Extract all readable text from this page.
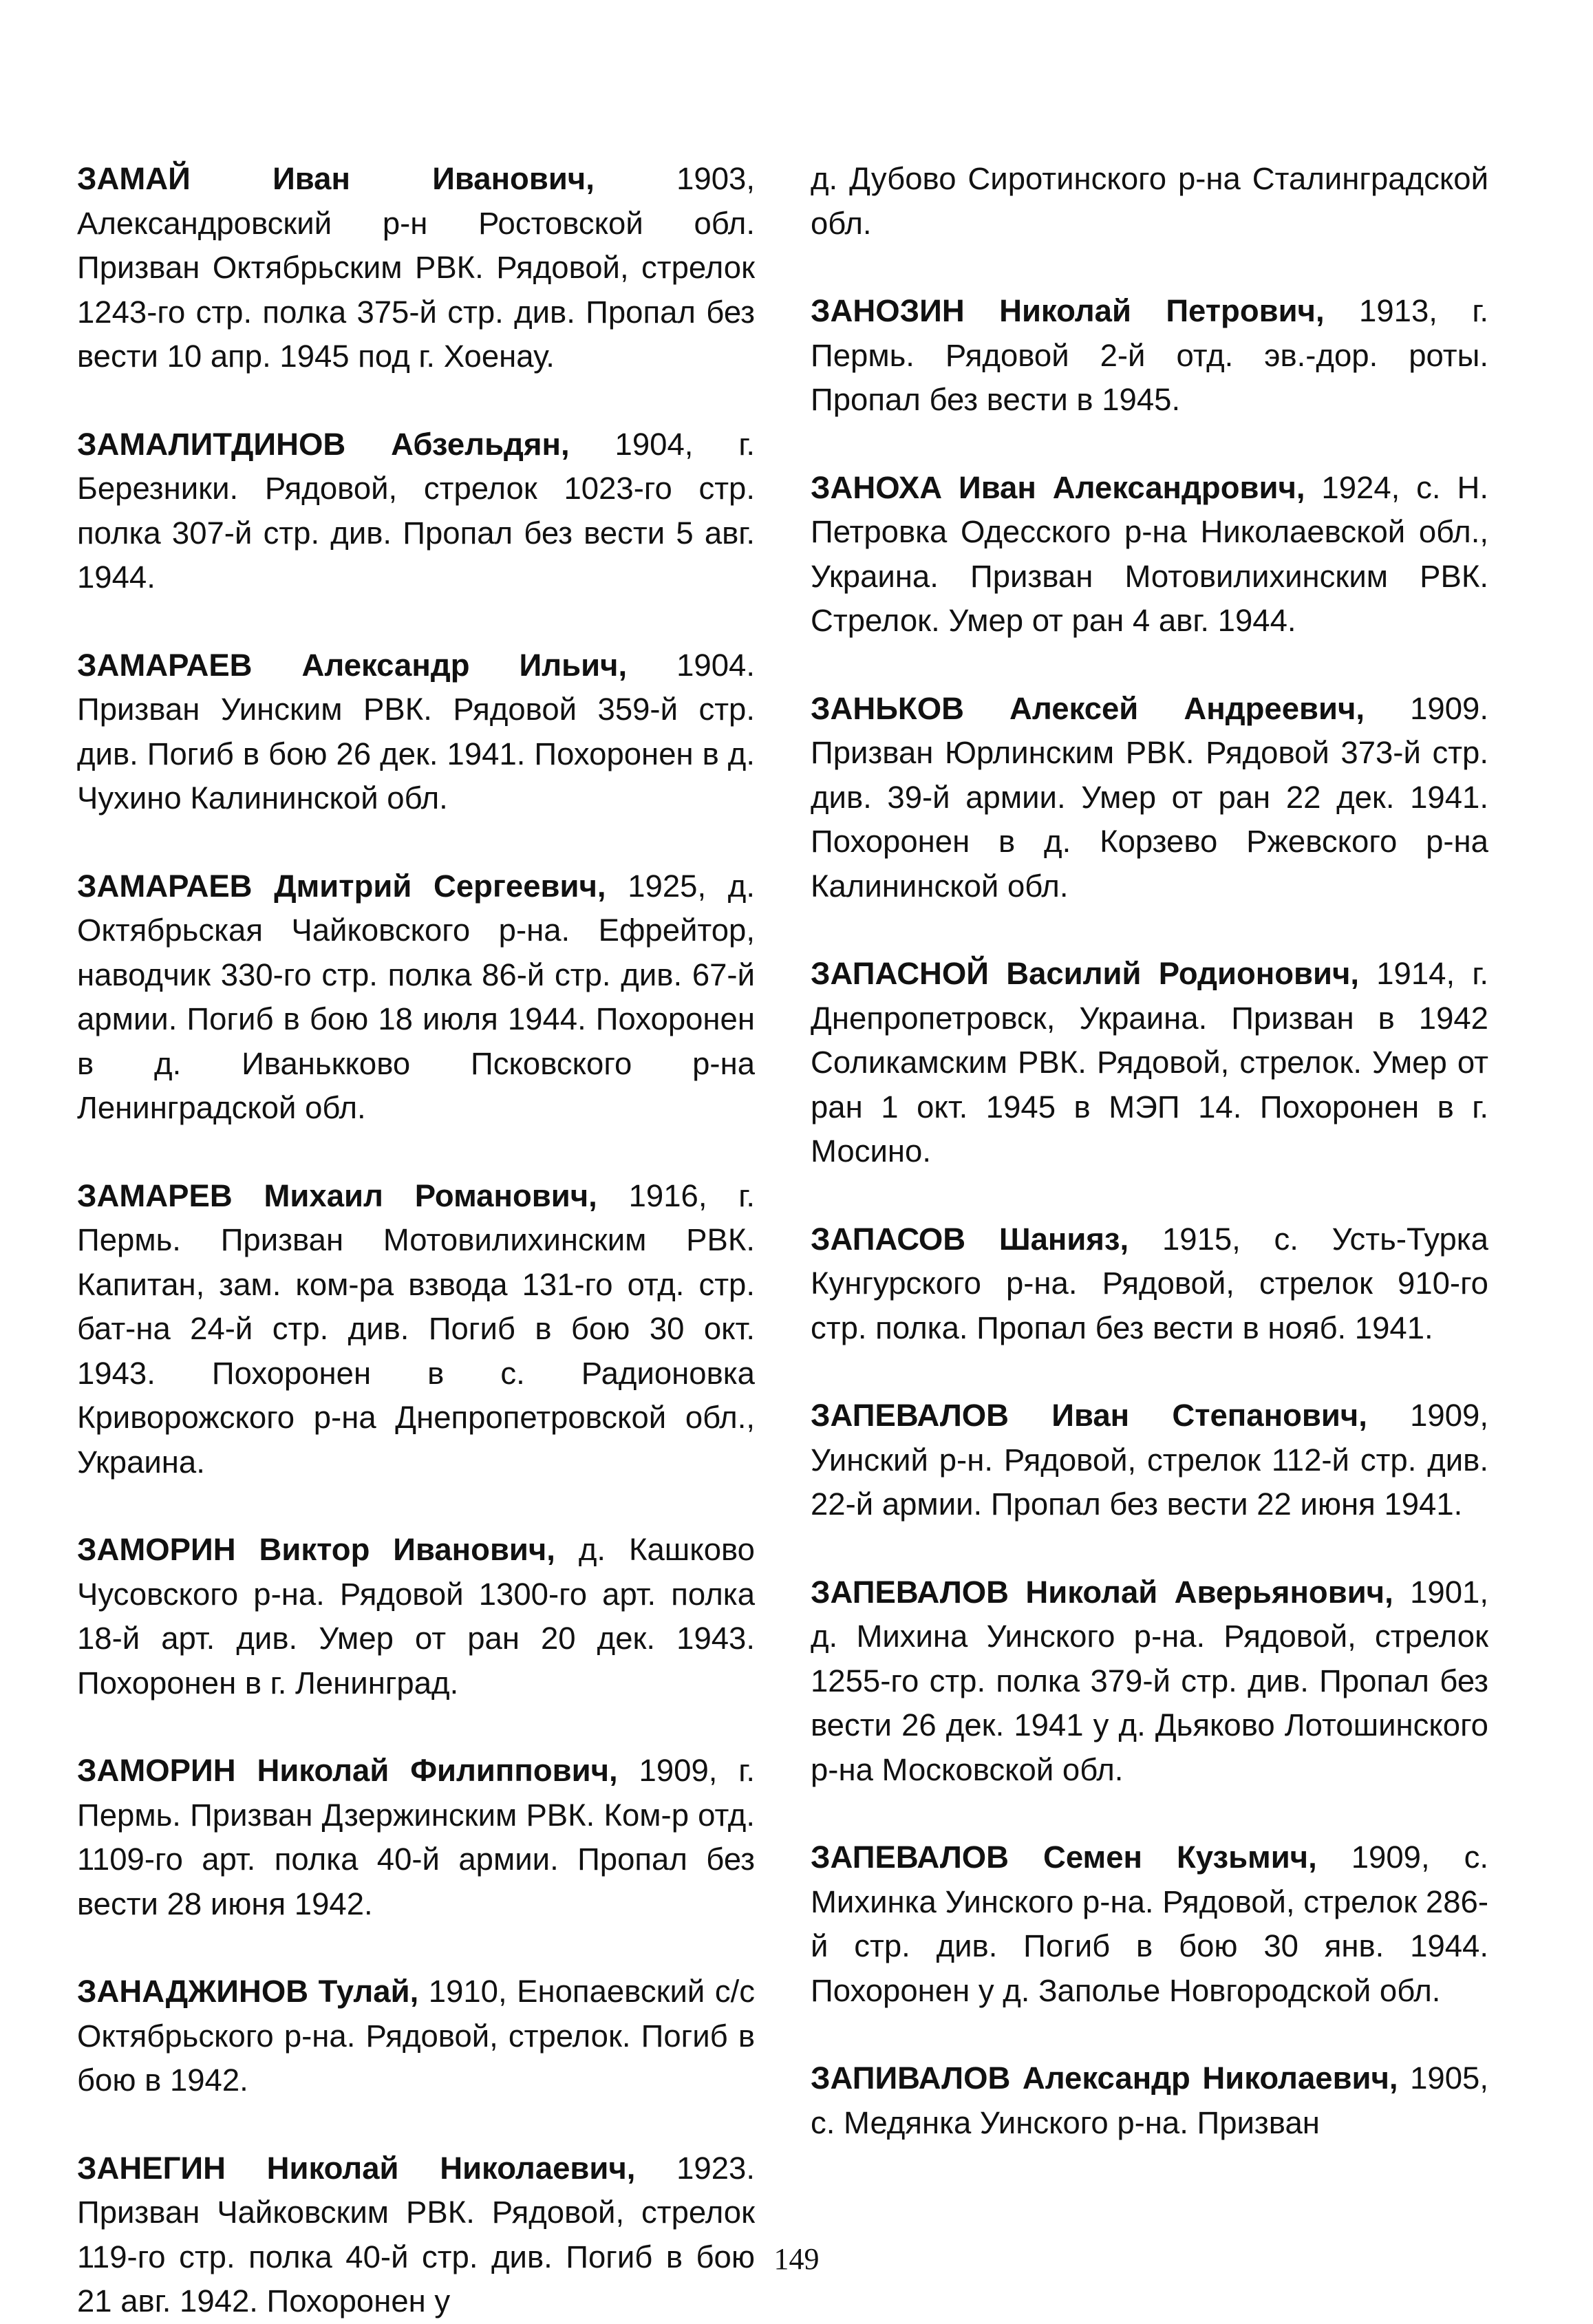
ЗАМАЙ Иван Иванович,	1903, Александровский р-н Ростовской обл. Призван Октябрьским РВК. Рядовой, стрелок 1243-го стр. полка 375-й стр. див. Пропал без вести 10 апр. 1945 под г. Хоенау.

ЗАМАЛИТДИНОВ Абзельдян, 1904, г. Березники. Рядовой, стрелок 1023-го стр. полка 307-й стр. див. Пропал без вести 5 авг. 1944.

ЗАМАРАЕВ Александр Ильич, 1904. Призван Уинским РВК. Рядовой 359-й стр. див. Погиб в бою 26 дек. 1941. Похоронен в д. Чухино Калининской обл.

ЗАМАРАЕВ Дмитрий Сергеевич, 1925, д. Октябрьская Чайковского р-на. Ефрейтор, наводчик 330-го стр. полка 86-й стр. див. 67-й армии. Погиб в бою 18 июля 1944. Похоронен в д. Иванькково Псковского р-на Ленинградской обл.

ЗАМАРЕВ Михаил Романович, 1916, г. Пермь. Призван Мотовилихинским РВК. Капитан, зам. ком-ра взвода 131-го отд. стр. бат-на 24-й стр. див. Погиб в бою 30 окт. 1943. Похоронен в с. Радионовка Криворожского р-на Днепропетровской обл., Украина.

ЗАМОРИН Виктор Иванович, д. Кашково Чусовского р-на. Рядовой 1300-го арт. полка 18-й арт. див. Умер от ран 20 дек. 1943. Похоронен в г. Ленинград.

ЗАМОРИН Николай Филиппович, 1909, г. Пермь. Призван Дзержинским РВК. Ком-р отд. 1109-го арт. полка 40-й армии. Пропал без вести 28 июня 1942.

ЗАНАДЖИНОВ Тулай, 1910, Енопаевский с/с Октябрьского р-на. Рядовой, стрелок. Погиб в бою в 1942.

ЗАНЕГИН Николай Николаевич, 1923. Призван Чайковским РВК. Рядовой, стрелок 119-го стр. полка 40-й стр. див. Погиб в бою 21 авг. 1942. Похоронен у

д. Дубово Сиротинского р-на Сталинградской обл.

ЗАНОЗИН Николай Петрович, 1913, г. Пермь. Рядовой 2-й отд. эв.-дор. роты. Пропал без вести в 1945.

ЗАНОХА Иван Александрович, 1924, с. Н. Петровка Одесского р-на Николаевской обл., Украина. Призван Мотовилихинским РВК. Стрелок. Умер от ран 4 авг. 1944.

ЗАНЬКОВ Алексей Андреевич, 1909. Призван Юрлинским РВК. Рядовой 373-й стр. див. 39-й армии. Умер от ран 22 дек. 1941. Похоронен в д. Корзево Ржевского р-на Калининской обл.

ЗАПАСНОЙ Василий Родионович, 1914, г. Днепропетровск, Украина. Призван в 1942 Соликамским РВК. Рядовой, стрелок. Умер от ран 1 окт. 1945 в МЭП 14. Похоронен в г. Мосино.

ЗАПАСОВ Шанияз, 1915, с. Усть-Турка Кунгурского р-на. Рядовой, стрелок 910-го стр. полка. Пропал без вести в нояб. 1941.

ЗАПЕВАЛОВ Иван Степанович, 1909, Уинский р-н. Рядовой, стрелок 112-й стр. див. 22-й армии. Пропал без вести 22 июня 1941.

ЗАПЕВАЛОВ Николай Аверьянович, 1901, д. Михина Уинского р-на. Рядовой, стрелок 1255-го стр. полка 379-й стр. див. Пропал без вести 26 дек. 1941 у д. Дьяково Лотошинского р-на Московской обл.

ЗАПЕВАЛОВ Семен Кузьмич, 1909, с. Михинка Уинского р-на. Рядовой, стрелок 286-й стр. див. Погиб в бою 30 янв. 1944. Похоронен у д. Заполье Новгородской обл.

ЗАПИВАЛОВ Александр Николаевич, 1905, с. Медянка Уинского р-на. Призван

149
